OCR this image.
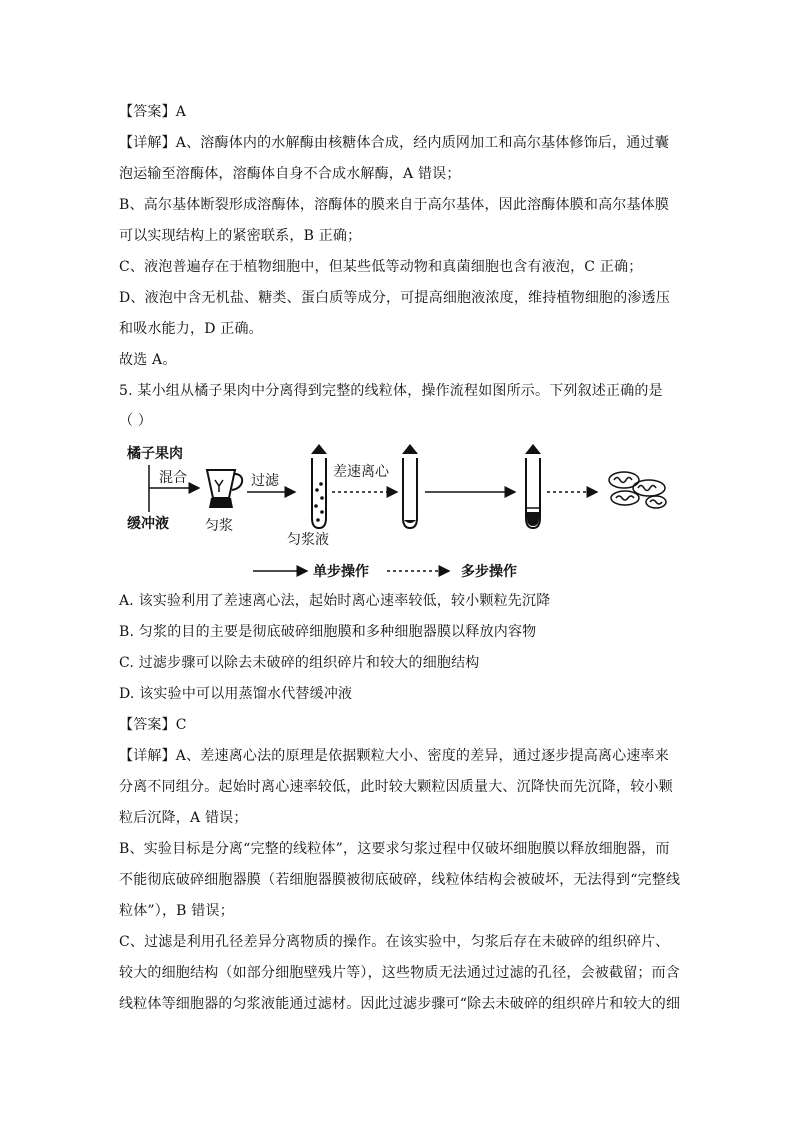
【答案】A
【详解】A、溶酶体内的水解酶由核糖体合成，经内质网加工和高尔基体修饰后，通过囊
泡运输至溶酶体，溶酶体自身不合成水解酶，A 错误；
B、高尔基体断裂形成溶酶体，溶酶体的膜来自于高尔基体，因此溶酶体膜和高尔基体膜
可以实现结构上的紧密联系，B 正确；
C、液泡普遍存在于植物细胞中，但某些低等动物和真菌细胞也含有液泡，C 正确；
D、液泡中含无机盐、糖类、蛋白质等成分，可提高细胞液浓度，维持植物细胞的渗透压
和吸水能力，D 正确。
故选 A。
5. 某小组从橘子果肉中分离得到完整的线粒体，操作流程如图所示。下列叙述正确的是
（ ）
橘子果肉
缓冲液
混合
匀浆
过滤
匀浆液
差速离心
单步操作	多步操作
A. 该实验利用了差速离心法，起始时离心速率较低，较小颗粒先沉降
B. 匀浆的目的主要是彻底破碎细胞膜和多种细胞器膜以释放内容物
C. 过滤步骤可以除去未破碎的组织碎片和较大的细胞结构
D. 该实验中可以用蒸馏水代替缓冲液
【答案】C
【详解】A、差速离心法的原理是依据颗粒大小、密度的差异，通过逐步提高离心速率来
分离不同组分。起始时离心速率较低，此时较大颗粒因质量大、沉降快而先沉降，较小颗
粒后沉降，A 错误；
B、实验目标是分离“完整的线粒体”，这要求匀浆过程中仅破坏细胞膜以释放细胞器，而
不能彻底破碎细胞器膜（若细胞器膜被彻底破碎，线粒体结构会被破坏，无法得到“完整线
粒体”），B 错误；
C、过滤是利用孔径差异分离物质的操作。在该实验中，匀浆后存在未破碎的组织碎片、
较大的细胞结构（如部分细胞壁残片等），这些物质无法通过过滤的孔径，会被截留；而含
线粒体等细胞器的匀浆液能通过滤材。因此过滤步骤可“除去未破碎的组织碎片和较大的细
